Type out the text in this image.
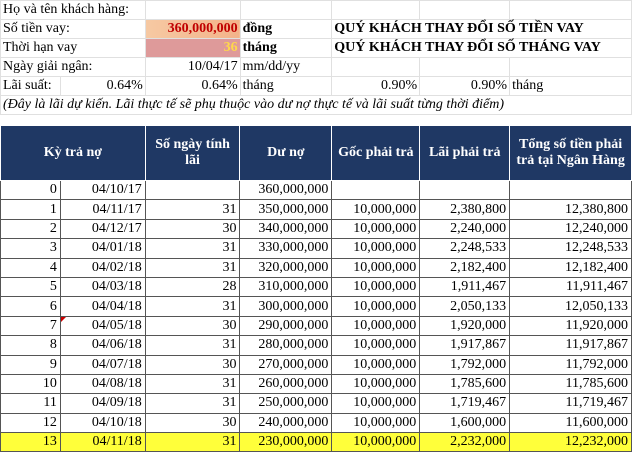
Họ và tên khách hàng:						
Số tiền vay:		360,000,000	đồng	QUÝ KHÁCH THAY ĐỔI SỐ TIỀN VAY		
Thời hạn vay		36	tháng	QUÝ KHÁCH THAY ĐỔI SỐ THÁNG VAY		
Ngày giải ngân:		10/04/17	mm/dd/yy			
Lãi suất:	0.64%	0.64%	tháng	0.90%	0.90%	tháng
(Đây là lãi dự kiến. Lãi thực tế sẽ phụ thuộc vào dư nợ thực tế và lãi suất từng thời điểm)						
Kỳ trả nợ		Số ngày tính lãi	Dư nợ	Gốc phải trả	Lãi phải trả	Tổng số tiền phải trả tại Ngân Hàng
0	04/10/17		360,000,000			
1	04/11/17	31	350,000,000	10,000,000	2,380,800	12,380,800
2	04/12/17	30	340,000,000	10,000,000	2,240,000	12,240,000
3	04/01/18	31	330,000,000	10,000,000	2,248,533	12,248,533
4	04/02/18	31	320,000,000	10,000,000	2,182,400	12,182,400
5	04/03/18	28	310,000,000	10,000,000	1,911,467	11,911,467
6	04/04/18	31	300,000,000	10,000,000	2,050,133	12,050,133
7	04/05/18	30	290,000,000	10,000,000	1,920,000	11,920,000
8	04/06/18	31	280,000,000	10,000,000	1,917,867	11,917,867
9	04/07/18	30	270,000,000	10,000,000	1,792,000	11,792,000
10	04/08/18	31	260,000,000	10,000,000	1,785,600	11,785,600
11	04/09/18	31	250,000,000	10,000,000	1,719,467	11,719,467
12	04/10/18	30	240,000,000	10,000,000	1,600,000	11,600,000
13	04/11/18	31	230,000,000	10,000,000	2,232,000	12,232,000
